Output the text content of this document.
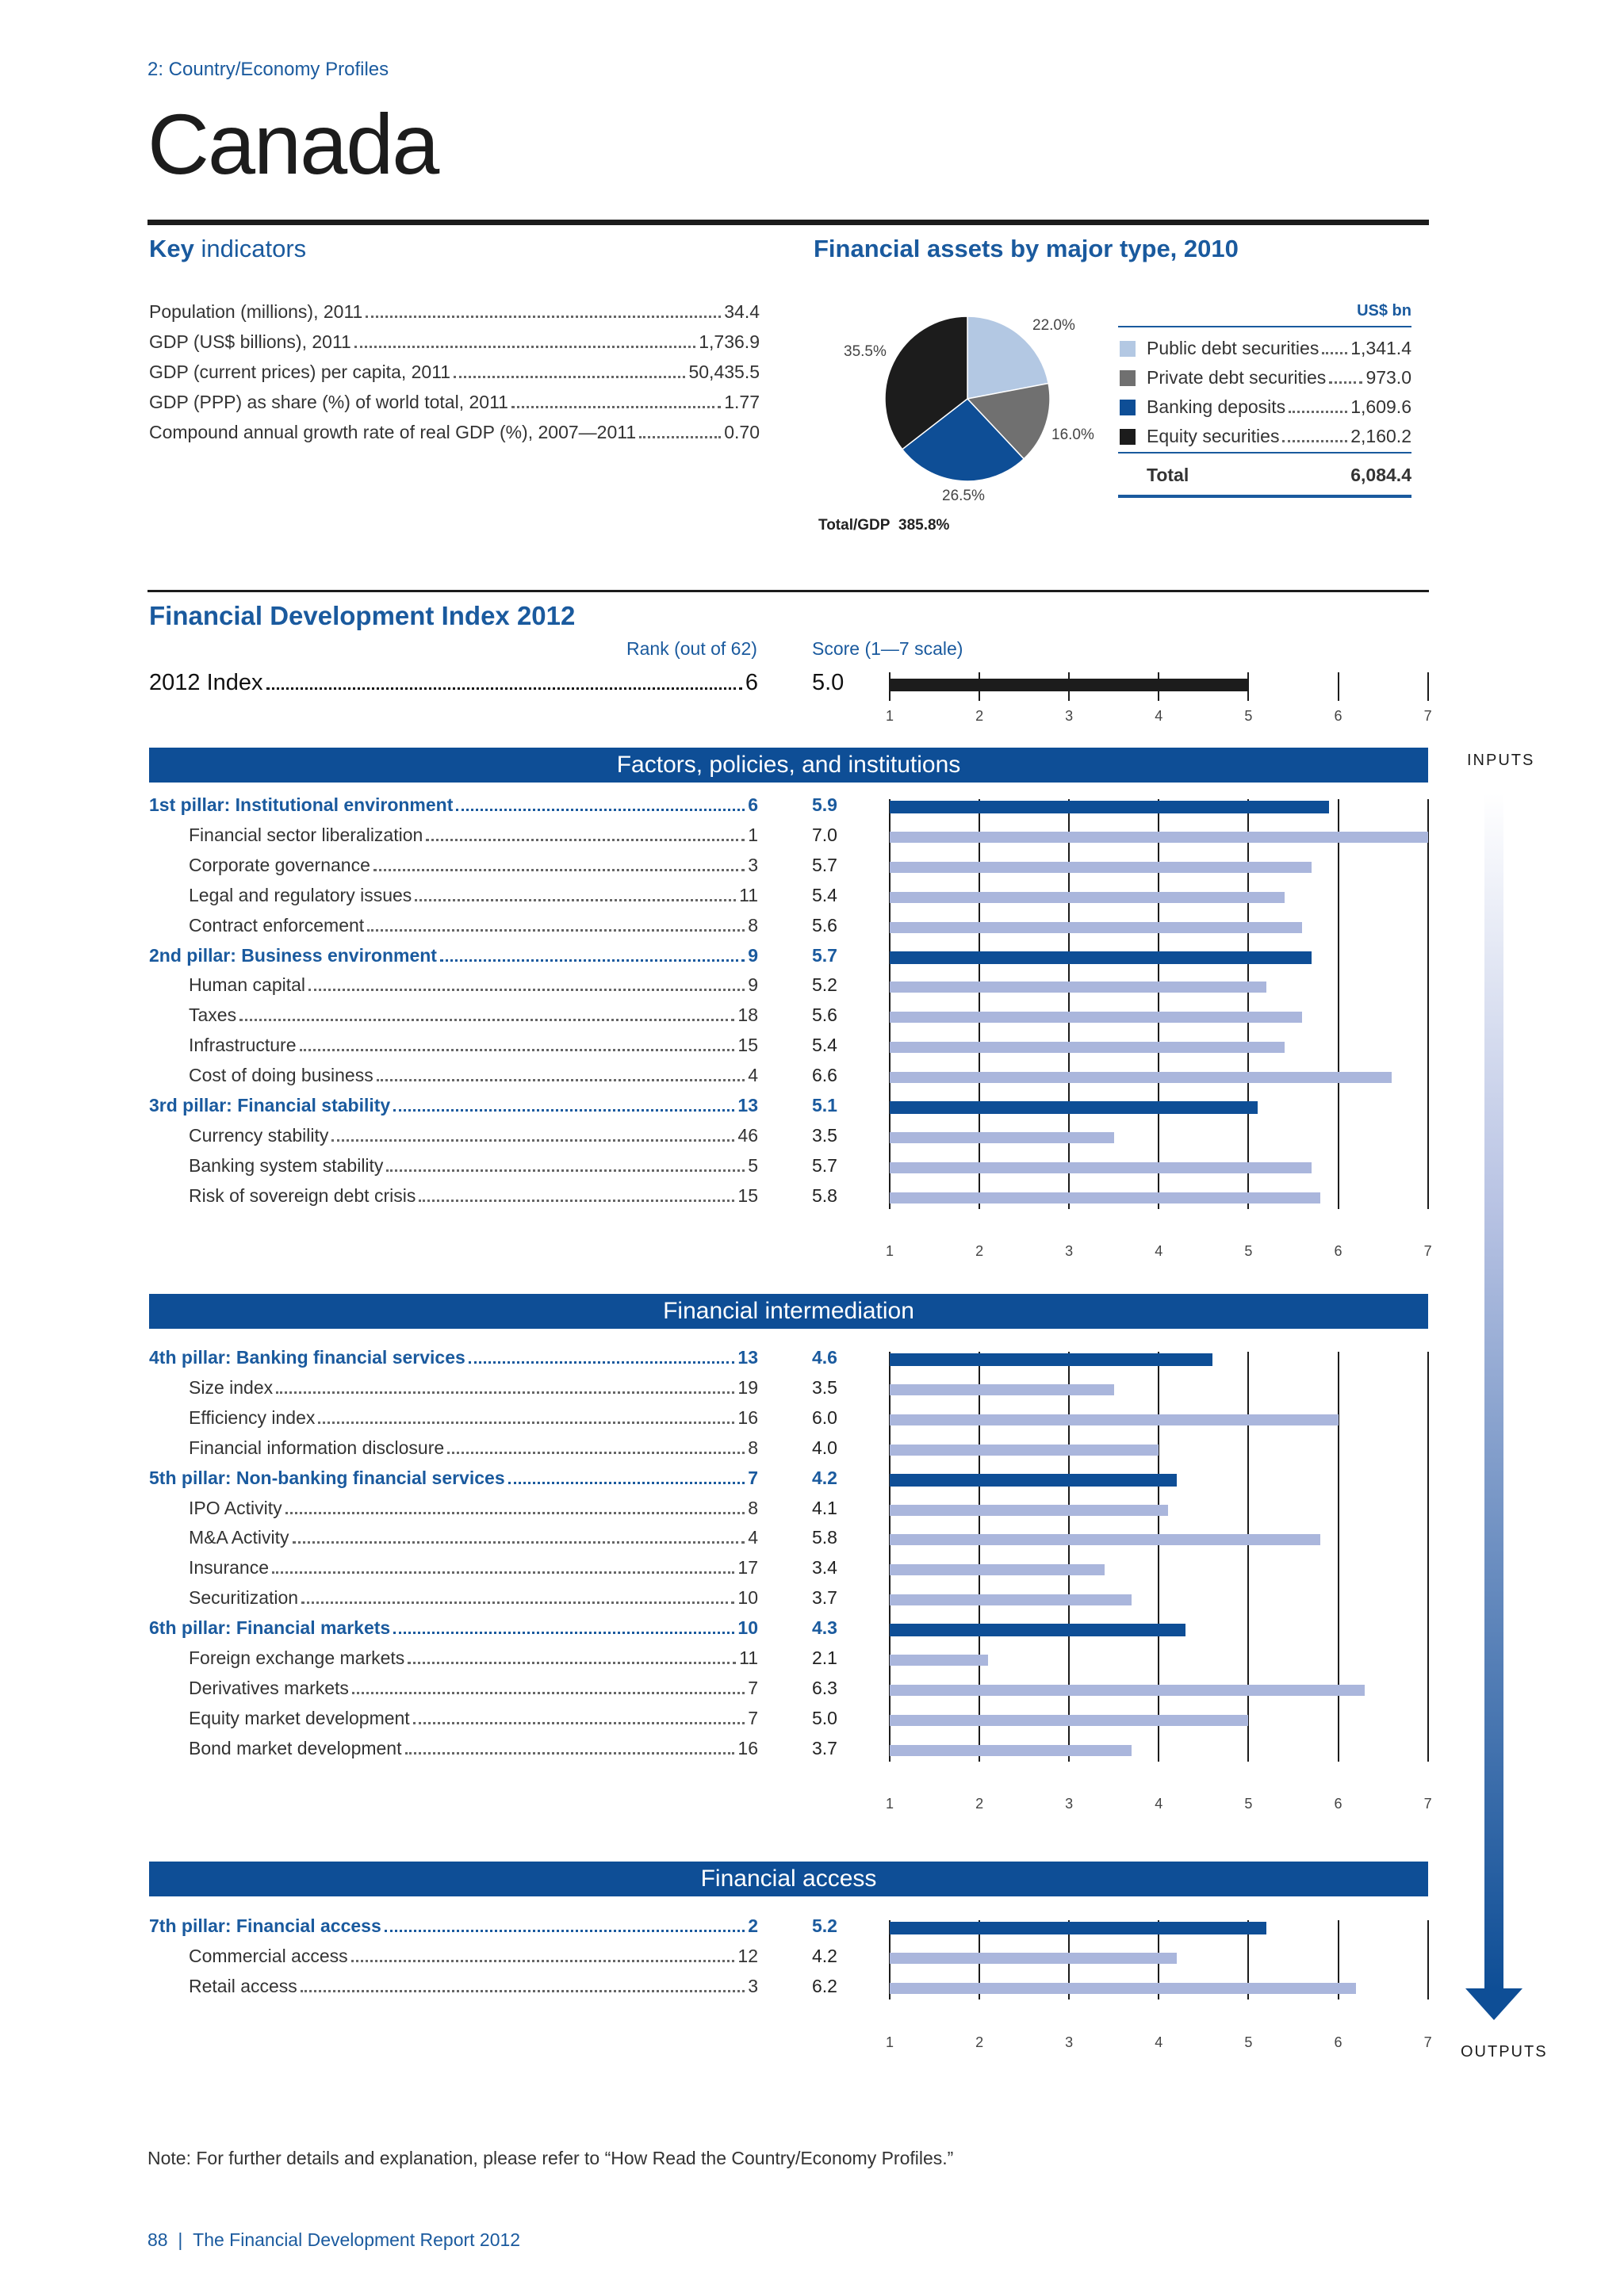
2: Country/Economy Profiles
Canada
Key indicators
Population (millions), 2011	34.4
GDP (US$ billions), 2011	1,736.9
GDP (current prices) per capita, 2011	50,435.5
GDP (PPP) as share (%) of world total, 2011	1.77
Compound annual growth rate of real GDP (%), 2007—2011	0.70
Financial assets by major type, 2010
22.0%
16.0%
26.5%
35.5%
Total/GDP 385.8%
US$ bn
Public debt securities 1,341.4
Private debt securities 973.0
Banking deposits	1,609.6
Equity securities	2,160.2
Total	6,084.4
Financial Development Index 2012
Rank (out of 62)	Score (1—7 scale)
2012 Index	6 5.0
Factors, policies, and institutions
Financial intermediation
Financial access
1	2	3	4	5	6	7
1	2	3	4	5	6	7
1st pillar: Institutional environment	6	5.9
Financial sector liberalization	1	7.0
Corporate governance	3	5.7
Legal and regulatory issues	11	5.4
Contract enforcement	8	5.6
2nd pillar: Business environment	9	5.7
Human capital	9	5.2
Taxes	18	5.6
Infrastructure	15	5.4
Cost of doing business	4	6.6
3rd pillar: Financial stability	13	5.1
Currency stability	46	3.5
Banking system stability	5	5.7
Risk of sovereign debt crisis	15	5.8
1	2	3	4	5	6	7
4th pillar: Banking financial services	13	4.6
Size index	19	3.5
Efficiency index	16	6.0
Financial information disclosure	8	4.0
5th pillar: Non-banking financial services	7	4.2
IPO Activity	8	4.1
M&A Activity	4	5.8
Insurance	17	3.4
Securitization	10	3.7
6th pillar: Financial markets	10	4.3
Foreign exchange markets	11	2.1
Derivatives markets	7	6.3
Equity market development	7	5.0
Bond market development	16	3.7
1	2	3	4	5	6	7
7th pillar: Financial access	2	5.2
Commercial access	12	4.2
Retail access	3	6.2
INPUTS
OUTPUTS
Note: For further details and explanation, please refer to “How Read the Country/Economy Profiles.”
88 | The Financial Development Report 2012
